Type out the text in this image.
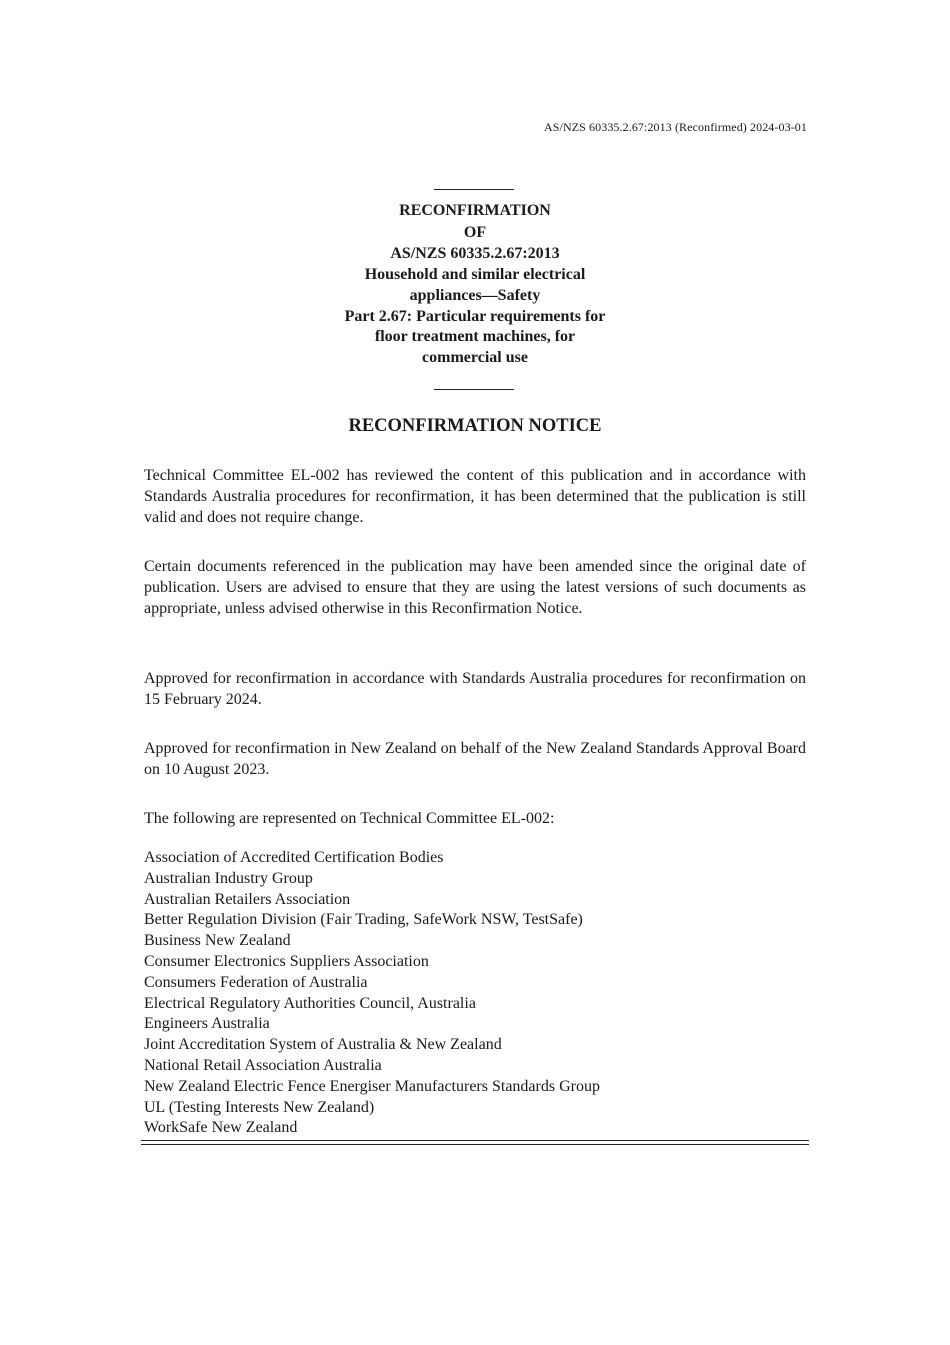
AS/NZS 60335.2.67:2013 (Reconfirmed) 2024-03-01
RECONFIRMATION
OF
AS/NZS 60335.2.67:2013
Household and similar electrical
appliances—Safety
Part 2.67: Particular requirements for
floor treatment machines, for
commercial use
RECONFIRMATION NOTICE

Technical Committee EL-002 has reviewed the content of this publication and in accordance with Standards Australia procedures for reconfirmation, it has been determined that the publication is still valid and does not require change.

Certain documents referenced in the publication may have been amended since the original date of publication. Users are advised to ensure that they are using the latest versions of such documents as appropriate, unless advised otherwise in this Reconfirmation Notice.

Approved for reconfirmation in accordance with Standards Australia procedures for reconfirmation on 15 February 2024.

Approved for reconfirmation in New Zealand on behalf of the New Zealand Standards Approval Board on 10 August 2023.

The following are represented on Technical Committee EL-002:

Association of Accredited Certification Bodies
Australian Industry Group
Australian Retailers Association
Better Regulation Division (Fair Trading, SafeWork NSW, TestSafe)
Business New Zealand
Consumer Electronics Suppliers Association
Consumers Federation of Australia
Electrical Regulatory Authorities Council, Australia
Engineers Australia
Joint Accreditation System of Australia & New Zealand
National Retail Association Australia
New Zealand Electric Fence Energiser Manufacturers Standards Group
UL (Testing Interests New Zealand)
WorkSafe New Zealand
